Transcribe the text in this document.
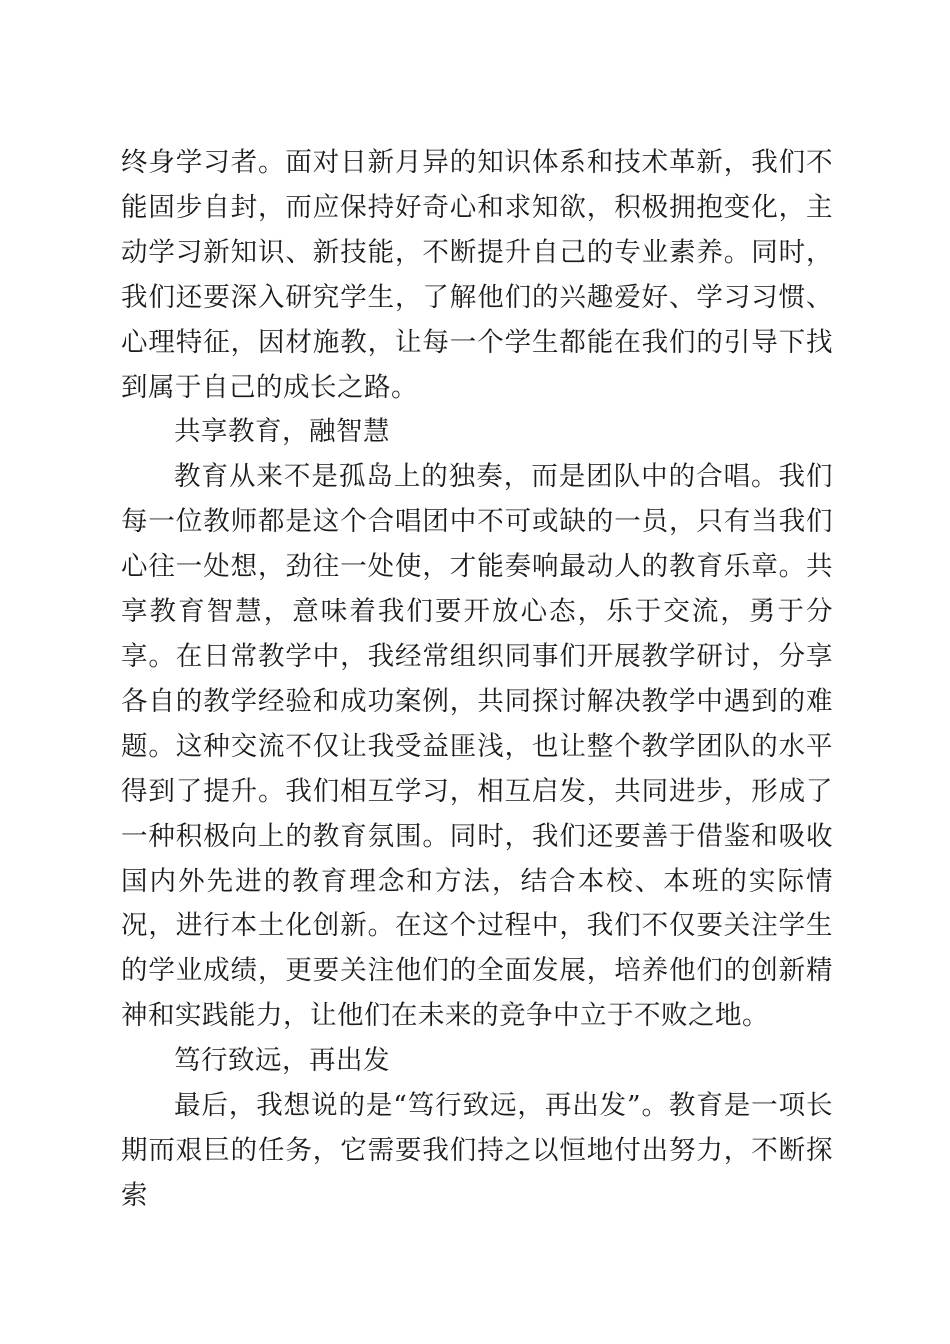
终身学习者。面对日新月异的知识体系和技术革新，我们不能固步自封，而应保持好奇心和求知欲，积极拥抱变化，主动学习新知识、新技能，不断提升自己的专业素养。同时，我们还要深入研究学生，了解他们的兴趣爱好、学习习惯、心理特征，因材施教，让每一个学生都能在我们的引导下找到属于自己的成长之路。

共享教育，融智慧

教育从来不是孤岛上的独奏，而是团队中的合唱。我们每一位教师都是这个合唱团中不可或缺的一员，只有当我们心往一处想，劲往一处使，才能奏响最动人的教育乐章。共享教育智慧，意味着我们要开放心态，乐于交流，勇于分享。在日常教学中，我经常组织同事们开展教学研讨，分享各自的教学经验和成功案例，共同探讨解决教学中遇到的难题。这种交流不仅让我受益匪浅，也让整个教学团队的水平得到了提升。我们相互学习，相互启发，共同进步，形成了一种积极向上的教育氛围。同时，我们还要善于借鉴和吸收国内外先进的教育理念和方法，结合本校、本班的实际情况，进行本土化创新。在这个过程中，我们不仅要关注学生的学业成绩，更要关注他们的全面发展，培养他们的创新精神和实践能力，让他们在未来的竞争中立于不败之地。

笃行致远，再出发

最后，我想说的是“笃行致远，再出发”。教育是一项长期而艰巨的任务，它需要我们持之以恒地付出努力，不断探索
